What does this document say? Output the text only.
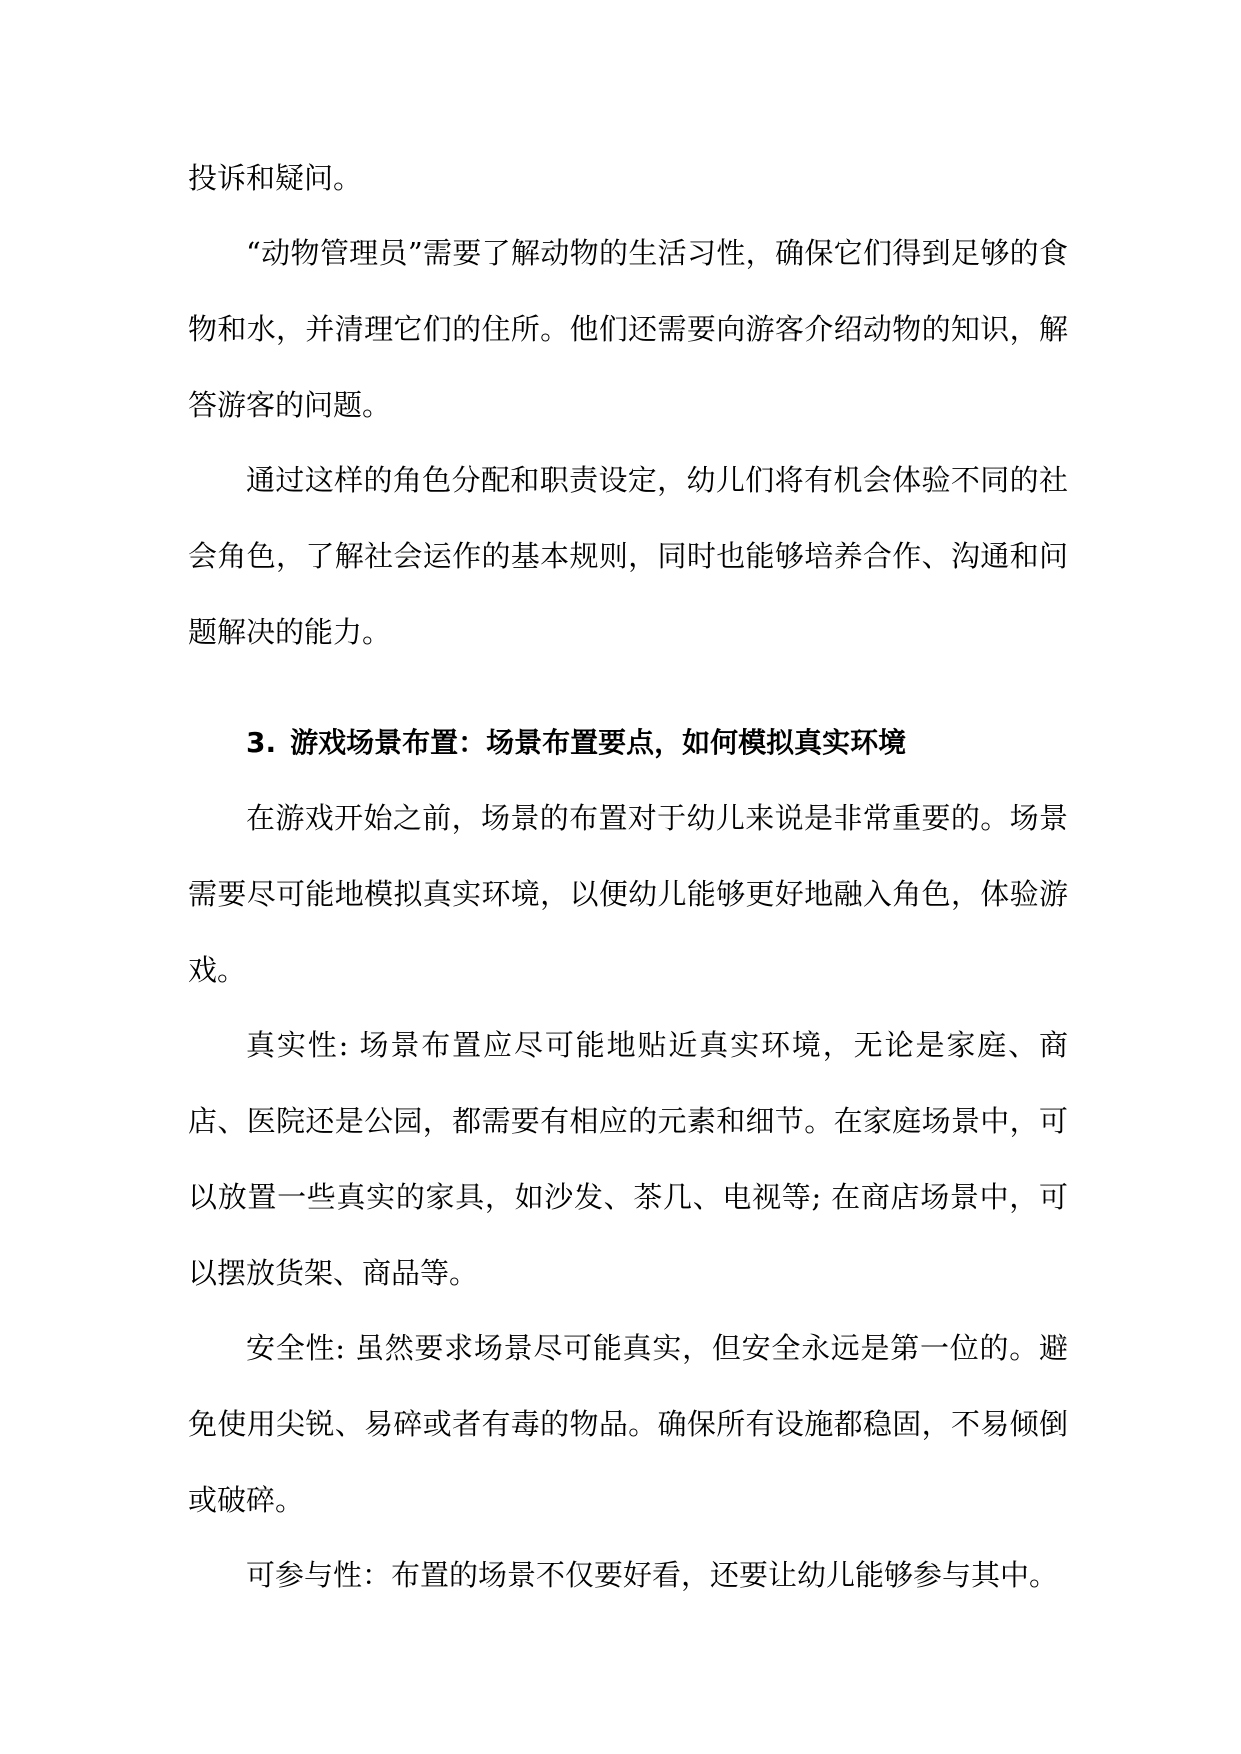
投诉和疑问。

“动物管理员”需要了解动物的生活习性，确保它们得到足够的食物和水，并清理它们的住所。他们还需要向游客介绍动物的知识，解答游客的问题。

通过这样的角色分配和职责设定，幼儿们将有机会体验不同的社会角色，了解社会运作的基本规则，同时也能够培养合作、沟通和问题解决的能力。

3. 游戏场景布置：场景布置要点，如何模拟真实环境

在游戏开始之前，场景的布置对于幼儿来说是非常重要的。场景需要尽可能地模拟真实环境，以便幼儿能够更好地融入角色，体验游戏。

真实性: 场景布置应尽可能地贴近真实环境，无论是家庭、商店、医院还是公园，都需要有相应的元素和细节。在家庭场景中，可以放置一些真实的家具，如沙发、茶几、电视等; 在商店场景中，可以摆放货架、商品等。

安全性: 虽然要求场景尽可能真实，但安全永远是第一位的。避免使用尖锐、易碎或者有毒的物品。确保所有设施都稳固，不易倾倒或破碎。

可参与性：布置的场景不仅要好看，还要让幼儿能够参与其中。
